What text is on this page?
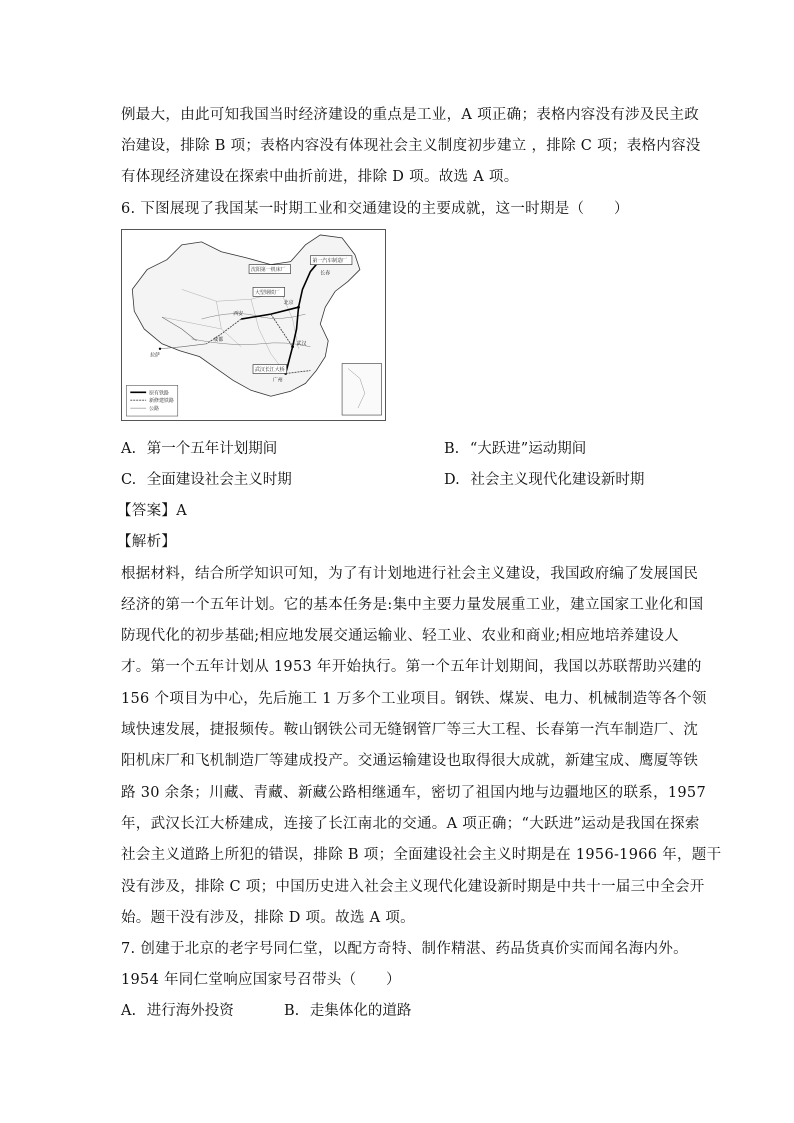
例最大，由此可知我国当时经济建设的重点是工业，A 项正确；表格内容没有涉及民主政
治建设，排除 B 项；表格内容没有体现社会主义制度初步建立 ，排除 C 项；表格内容没
有体现经济建设在探索中曲折前进，排除 D 项。故选 A 项。
6. 下图展现了我国某一时期工业和交通建设的主要成就，这一时期是（　　）
沈阳第一机床厂
第一汽车制造厂
大型钢铁厂
武汉长江大桥
北京
武汉
广州
拉萨
成都
西安
长春
原有铁路
新修建铁路
公路
A. 第一个五年计划期间	B. “大跃进”运动期间
C. 全面建设社会主义时期	D. 社会主义现代化建设新时期
【答案】A
【解析】
根据材料，结合所学知识可知，为了有计划地进行社会主义建设，我国政府编了发展国民
经济的第一个五年计划。它的基本任务是:集中主要力量发展重工业，建立国家工业化和国
防现代化的初步基础;相应地发展交通运输业、轻工业、农业和商业;相应地培养建设人
才。第一个五年计划从 1953 年开始执行。第一个五年计划期间，我国以苏联帮助兴建的
156 个项目为中心，先后施工 1 万多个工业项目。钢铁、煤炭、电力、机械制造等各个领
域快速发展，捷报频传。鞍山钢铁公司无缝钢管厂等三大工程、长春第一汽车制造厂、沈
阳机床厂和飞机制造厂等建成投产。交通运输建设也取得很大成就，新建宝成、鹰厦等铁
路 30 余条；川藏、青藏、新藏公路相继通车，密切了祖国内地与边疆地区的联系，1957
年，武汉长江大桥建成，连接了长江南北的交通。A 项正确；“大跃进”运动是我国在探索
社会主义道路上所犯的错误，排除 B 项；全面建设社会主义时期是在 1956-1966 年，题干
没有涉及，排除 C 项；中国历史进入社会主义现代化建设新时期是中共十一届三中全会开
始。题干没有涉及，排除 D 项。故选 A 项。
7. 创建于北京的老字号同仁堂，以配方奇特、制作精湛、药品货真价实而闻名海内外。
1954 年同仁堂响应国家号召带头（　　）
A. 进行海外投资	B. 走集体化的道路
